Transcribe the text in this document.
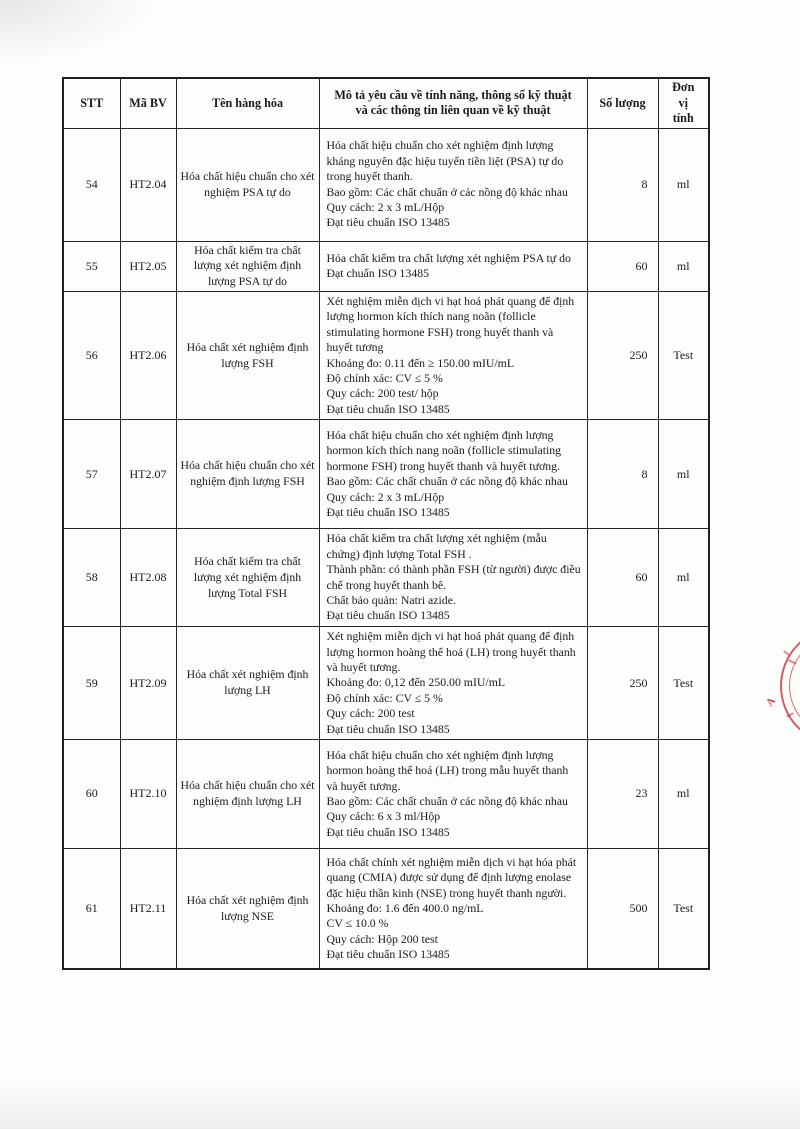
STT	Mã BV	Tên hàng hóa	Mô tả yêu cầu về tính năng, thông số kỹ thuật và các thông tin liên quan về kỹ thuật	Số lượng	Đơn vị tính
54	HT2.04	Hóa chất hiệu chuẩn cho xét nghiệm PSA tự do	Hóa chất hiệu chuẩn cho xét nghiệm định lượng kháng nguyên đặc hiệu tuyến tiền liệt (PSA) tự do trong huyết thanh.
Bao gồm: Các chất chuẩn ở các nồng độ khác nhau
Quy cách: 2 x 3 mL/Hộp
Đạt tiêu chuẩn ISO 13485	8	ml
55	HT2.05	Hóa chất kiểm tra chất lượng xét nghiệm định lượng PSA tự do	Hóa chất kiểm tra chất lượng xét nghiệm PSA tự do
Đạt chuẩn ISO 13485	60	ml
56	HT2.06	Hóa chất xét nghiệm định lượng FSH	Xét nghiệm miễn dịch vi hạt hoá phát quang để định lượng hormon kích thích nang noãn (follicle stimulating hormone FSH) trong huyết thanh và huyết tương
Khoảng đo: 0.11 đến ≥ 150.00 mIU/mL
Độ chính xác: CV ≤ 5 %
Quy cách: 200 test/ hộp
Đạt tiêu chuẩn ISO 13485	250	Test
57	HT2.07	Hóa chất hiệu chuẩn cho xét nghiệm định lượng FSH	Hóa chất hiệu chuẩn cho xét nghiệm định lượng hormon kích thích nang noãn (follicle stimulating hormone FSH) trong huyết thanh và huyết tương.
Bao gồm: Các chất chuẩn ở các nồng độ khác nhau
Quy cách: 2 x 3 mL/Hộp
Đạt tiêu chuẩn ISO 13485	8	ml
58	HT2.08	Hóa chất kiểm tra chất lượng xét nghiệm định lượng Total FSH	Hóa chất kiểm tra chất lượng xét nghiệm (mẫu chứng) định lượng Total FSH .
Thành phần: có thành phần FSH (từ người) được điều chế trong huyết thanh bê.
Chất bảo quản: Natri azide.
Đạt tiêu chuẩn ISO 13485	60	ml
59	HT2.09	Hóa chất xét nghiệm định lượng LH	Xét nghiệm miễn dịch vi hạt hoá phát quang để định lượng hormon hoàng thể hoá (LH) trong huyết thanh và huyết tương.
Khoảng đo: 0,12 đến 250.00 mIU/mL
Độ chính xác: CV ≤ 5 %
Quy cách: 200 test
Đạt tiêu chuẩn ISO 13485	250	Test
60	HT2.10	Hóa chất hiệu chuẩn cho xét nghiệm định lượng LH	Hóa chất hiệu chuẩn cho xét nghiệm định lượng hormon hoàng thể hoá (LH) trong mẫu huyết thanh và huyết tương.
Bao gồm: Các chất chuẩn ở các nồng độ khác nhau
Quy cách: 6 x 3 ml/Hộp
Đạt tiêu chuẩn ISO 13485	23	ml
61	HT2.11	Hóa chất xét nghiệm định lượng NSE	Hóa chất chính xét nghiệm miễn dịch vi hạt hóa phát quang (CMIA) được sử dụng để định lượng enolase đặc hiệu thần kinh (NSE) trong huyết thanh người.
Khoảng đo: 1.6 đến 400.0 ng/mL
CV ≤ 10.0 %
Quy cách: Hộp 200 test
Đạt tiêu chuẩn ISO 13485	500	Test
A
